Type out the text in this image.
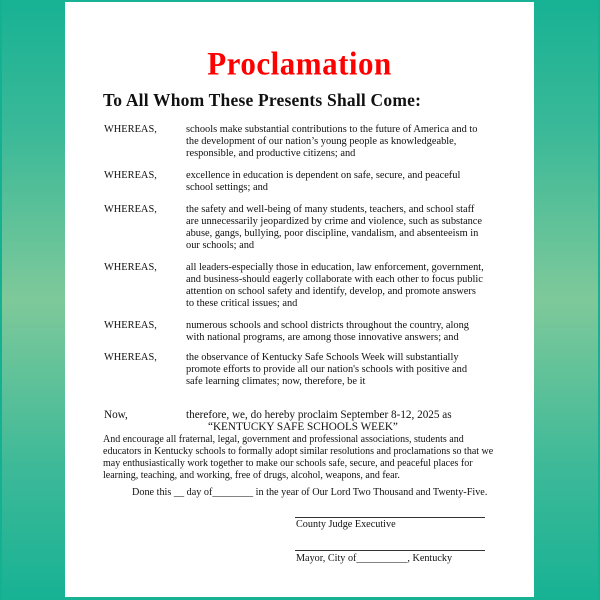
Proclamation
To All Whom These Presents Shall Come:
WHEREAS,	schools make substantial contributions to the future of America and to the development of our nation’s young people as knowledgeable, responsible, and productive citizens; and
WHEREAS,	excellence in education is dependent on safe, secure, and peaceful school settings; and
WHEREAS,	the safety and well-being of many students, teachers, and school staff are unnecessarily jeopardized by crime and violence, such as substance abuse, gangs, bullying, poor discipline, vandalism, and absenteeism in our schools; and
WHEREAS,	all leaders-especially those in education, law enforcement, government, and business-should eagerly collaborate with each other to focus public attention on school safety and identify, develop, and promote answers to these critical issues; and
WHEREAS,	numerous schools and school districts throughout the country, along with national programs, are among those innovative answers; and
WHEREAS,	the observance of Kentucky Safe Schools Week will substantially promote efforts to provide all our nation's schools with positive and safe learning climates; now, therefore, be it
Now,	therefore, we, do hereby proclaim September 8-12, 2025 as
“KENTUCKY SAFE SCHOOLS WEEK”
And encourage all fraternal, legal, government and professional associations, students and educators in Kentucky schools to formally adopt similar resolutions and proclamations so that we may enthusiastically work together to make our schools safe, secure, and peaceful places for learning, teaching, and working, free of drugs, alcohol, weapons, and fear.
Done this __ day of________ in the year of Our Lord Two Thousand and Twenty-Five.
County Judge Executive
Mayor, City of__________, Kentucky
